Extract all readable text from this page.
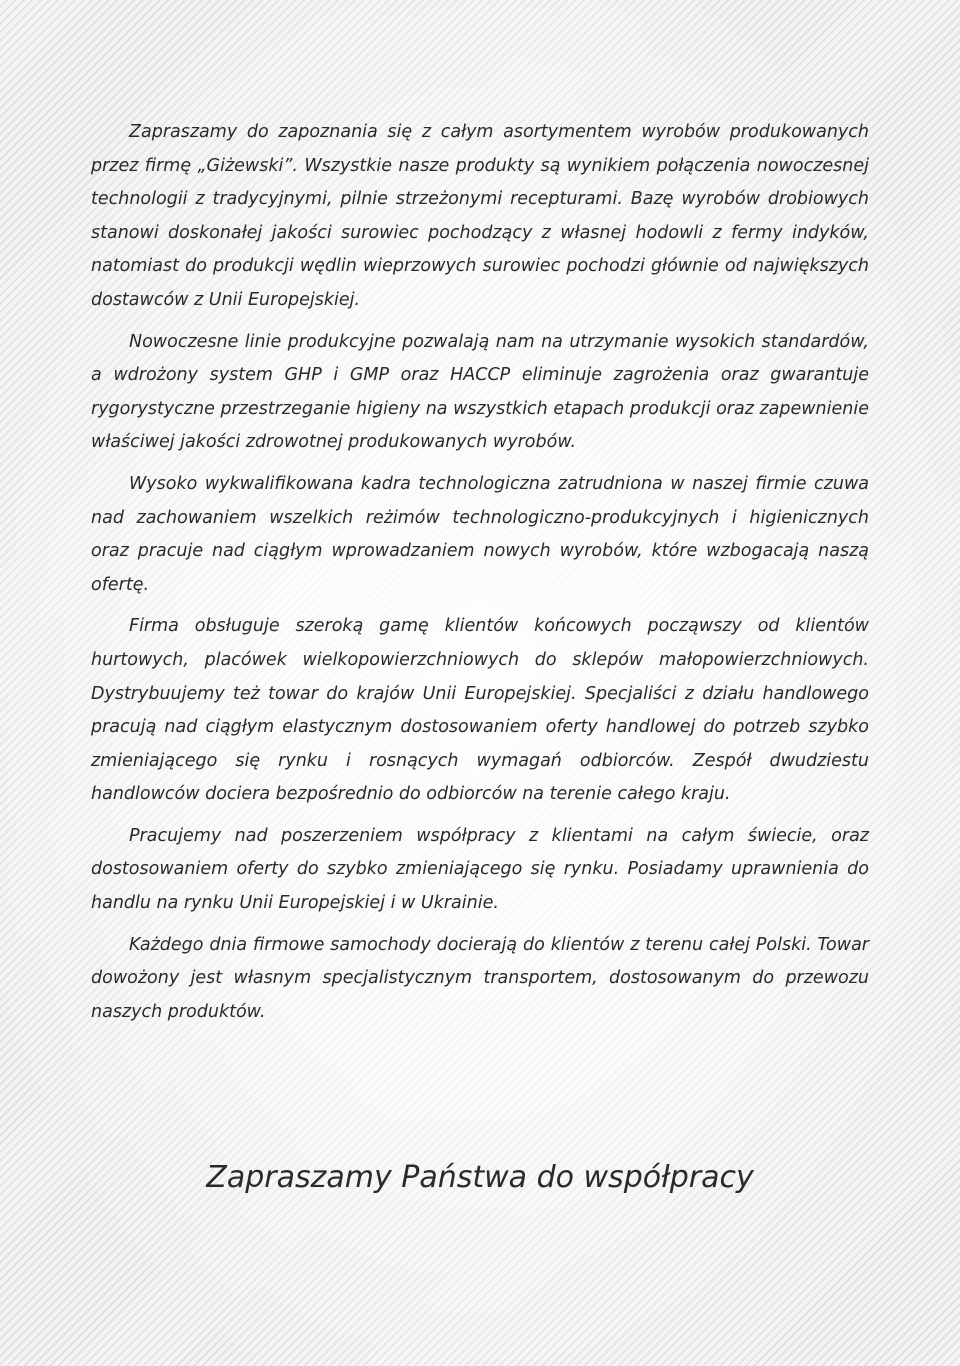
Zapraszamy do zapoznania się z całym asortymentem wyrobów produkowanych przez firmę „Giżewski”. Wszystkie nasze produkty są wynikiem połączenia nowoczesnej technologii z tradycyjnymi, pilnie strzeżonymi recepturami. Bazę wyrobów drobiowych stanowi doskonałej jakości surowiec pochodzący z własnej hodowli z fermy indyków, natomiast do produkcji wędlin wieprzowych surowiec pochodzi głównie od największych dostawców z Unii Europejskiej.

Nowoczesne linie produkcyjne pozwalają nam na utrzymanie wysokich standardów, a wdrożony system GHP i GMP oraz HACCP eliminuje zagrożenia oraz gwarantuje rygorystyczne przestrzeganie higieny na wszystkich etapach produkcji oraz zapewnienie właściwej jakości zdrowotnej produkowanych wyrobów.

Wysoko wykwalifikowana kadra technologiczna zatrudniona w naszej firmie czuwa nad zachowaniem wszelkich reżimów technologiczno-produkcyjnych i higienicznych oraz pracuje nad ciągłym wprowadzaniem nowych wyrobów, które wzbogacają naszą ofertę.

Firma obsługuje szeroką gamę klientów końcowych począwszy od klientów hurtowych, placówek wielkopowierzchniowych do sklepów małopowierzchniowych. Dystrybuujemy też towar do krajów Unii Europejskiej. Specjaliści z działu handlowego pracują nad ciągłym elastycznym dostosowaniem oferty handlowej do potrzeb szybko zmieniającego się rynku i rosnących wymagań odbiorców. Zespół dwudziestu handlowców dociera bezpośrednio do odbiorców na terenie całego kraju.

Pracujemy nad poszerzeniem współpracy z klientami na całym świecie, oraz dostosowaniem oferty do szybko zmieniającego się rynku. Posiadamy uprawnienia do handlu na rynku Unii Europejskiej i w Ukrainie.

Każdego dnia firmowe samochody docierają do klientów z terenu całej Polski. Towar dowożony jest własnym specjalistycznym transportem, dostosowanym do przewozu naszych produktów.

Zapraszamy Państwa do współpracy
